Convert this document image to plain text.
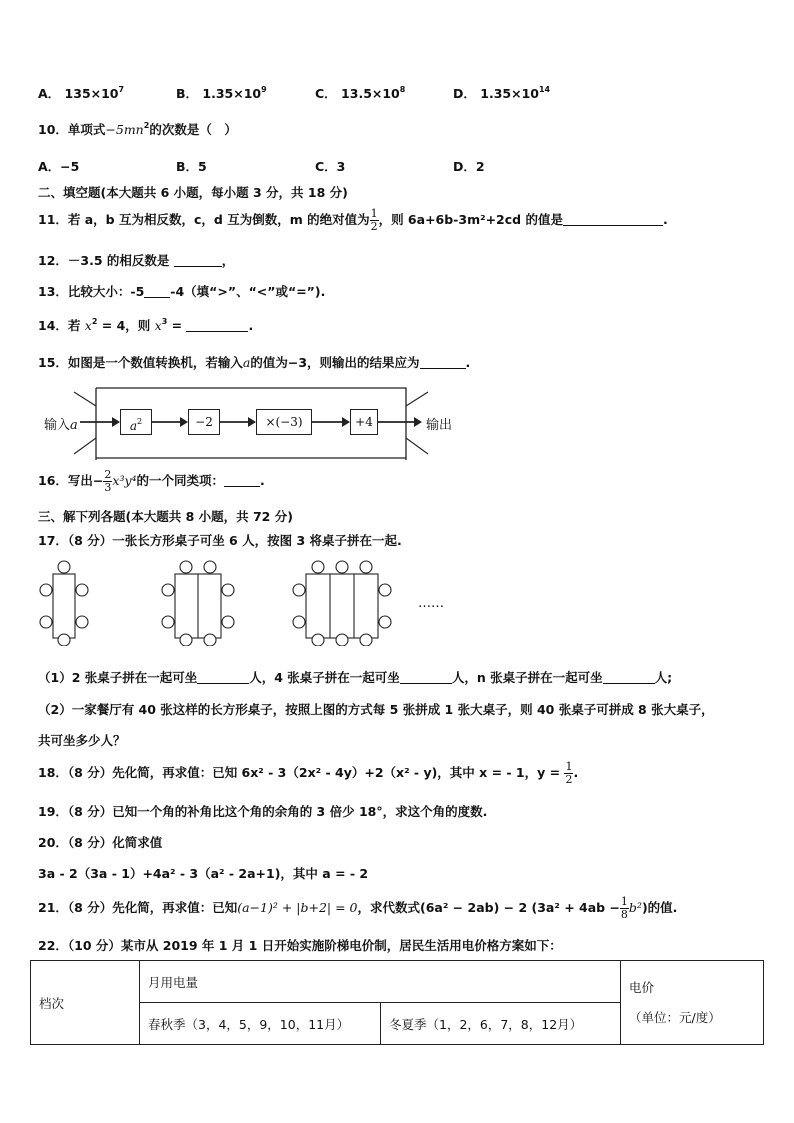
A． $135\times 10^7$	B． $1.35\times 10^9$	C． $13.5\times 10^8$	D． $1.35\times 10^{14}$
10．单项式$-5mn^2$的次数是（　）
A．−5	B．5	C．3	D．2
二、填空题(本大题共 6 小题，每小题 3 分，共 18 分)
11．若 a，b 互为相反数，c，d 互为倒数，m 的绝对值为 $\frac{1}{2}$ ，则 6a+6b-3m²+2cd 的值是	.
12．－3.5 的相反数是	，
13．比较大小：-5 -4（填“>”、“<”或“=”).
14．若 $x^2 = 4$，则 $x^3$ =	.
15．如图是一个数值转换机，若输入a的值为−3，则输出的结果应为	.
输入a	$a^2$	−2	×(−3)	+4	输出
16．写出− $\frac{2}{3} x^3y^4$的一个同类项：	.
三、解下列各题(本大题共 8 小题，共 72 分)
17．（8 分）一张长方形桌子可坐 6 人，按图 3 将桌子拼在一起.
……
（1）2 张桌子拼在一起可坐	人，4 张桌子拼在一起可坐	人，n 张桌子拼在一起可坐	人;
（2）一家餐厅有 40 张这样的长方形桌子，按照上图的方式每 5 张拼成 1 张大桌子，则 40 张桌子可拼成 8 张大桌子，
共可坐多少人？
18．（8 分）先化简，再求值：已知 6x² - 3（2x² - 4y）+2（x² - y)，其中 x = - 1，$y = \frac{1}{2}$ .
19．（8 分）已知一个角的补角比这个角的余角的 3 倍少 18°，求这个角的度数.
20．（8 分）化简求值
3a - 2（3a - 1）+4a² - 3（a² - 2a+1)，其中 a = - 2
21．（8 分）先化简，再求值：已知(a−1)² + |b+2| = 0，求代数式(6a² − 2ab) − 2 $(3a^2 + 4ab - \frac{1}{8} b^2)$的值.
22．（10 分）某市从 2019 年 1 月 1 日开始实施阶梯电价制，居民生活用电价格方案如下：
档次	月用电量		电价
（单位：元/度）

	春秋季（3，4，5，9，10，11月）	冬夏季（1，2，6，7，8，12月）	
